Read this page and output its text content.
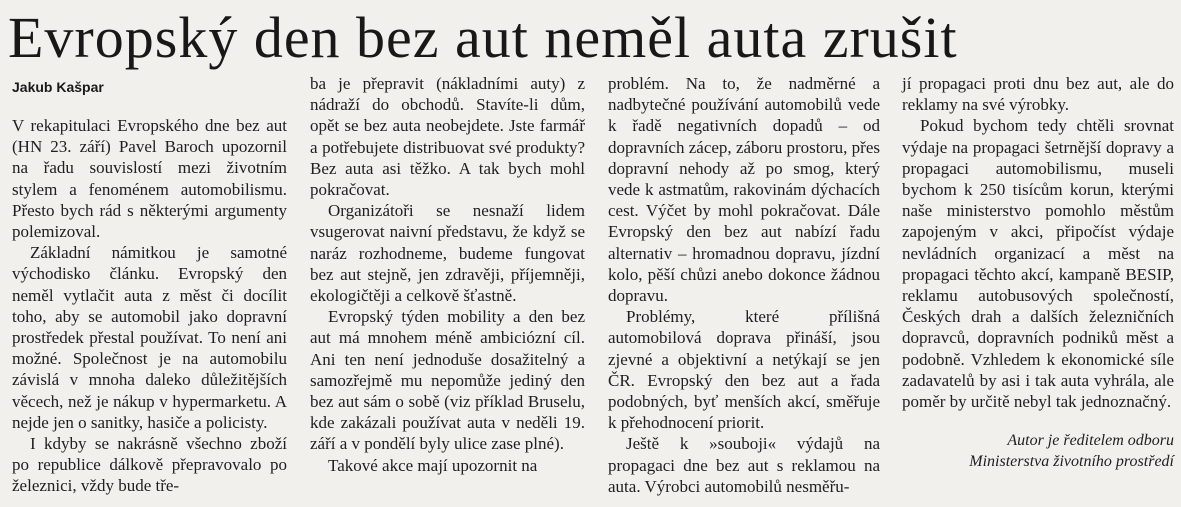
Evropský den bez aut neměl auta zrušit
Jakub Kašpar

V rekapitulaci Evropského dne bez aut (HN 23. září) Pavel Baroch upozornil na řadu souvislostí mezi životním stylem a fenoménem automobilismu. Přesto bych rád s některými argumenty polemizoval.

Základní námitkou je samotné východisko článku. Evropský den neměl vytlačit auta z měst či docílit toho, aby se automobil jako dopravní prostředek přestal používat. To není ani možné. Společnost je na automobilu závislá v mnoha daleko důležitějších věcech, než je nákup v hypermarketu. A nejde jen o sanitky, hasiče a policisty.

I kdyby se nakrásně všechno zboží po republice dálkově přepravovalo po železnici, vždy bude tře-

ba je přepravit (nákladními auty) z nádraží do obchodů. Stavíte-li dům, opět se bez auta neobejdete. Jste farmář a potřebujete distribuovat své produkty? Bez auta asi těžko. A tak bych mohl pokračovat.

Organizátoři se nesnaží lidem vsugerovat naivní představu, že když se naráz rozhodneme, budeme fungovat bez aut stejně, jen zdravěji, příjemněji, ekologičtěji a celkově šťastně.

Evropský týden mobility a den bez aut má mnohem méně ambiciózní cíl. Ani ten není jednoduše dosažitelný a samozřejmě mu nepomůže jediný den bez aut sám o sobě (viz příklad Bruselu, kde zakázali používat auta v neděli 19. září a v pondělí byly ulice zase plné).

Takové akce mají upozornit na

problém. Na to, že nadměrné a nadbytečné používání automobilů vede k řadě negativních dopadů – od dopravních zácep, záboru prostoru, přes dopravní nehody až po smog, který vede k astmatům, rakovinám dýchacích cest. Výčet by mohl pokračovat. Dále Evropský den bez aut nabízí řadu alternativ – hromadnou dopravu, jízdní kolo, pěší chůzi anebo dokonce žádnou dopravu.

Problémy, které přílišná automobilová doprava přináší, jsou zjevné a objektivní a netýkají se jen ČR. Evropský den bez aut a řada podobných, byť menších akcí, směřuje k přehodnocení priorit.

Ještě k »souboji« výdajů na propagaci dne bez aut s reklamou na auta. Výrobci automobilů nesměřu-

jí propagaci proti dnu bez aut, ale do reklamy na své výrobky.

Pokud bychom tedy chtěli srovnat výdaje na propagaci šetrnější dopravy a propagaci automobilismu, museli bychom k 250 tisícům korun, kterými naše ministerstvo pomohlo městům zapojeným v akci, připočíst výdaje nevládních organizací a měst na propagaci těchto akcí, kampaně BESIP, reklamu autobusových společností, Českých drah a dalších železničních dopravců, dopravních podniků měst a podobně. Vzhledem k ekonomické síle zadavatelů by asi i tak auta vyhrála, ale poměr by určitě nebyl tak jednoznačný.

Autor je ředitelem odboru
Ministerstva životního prostředí
